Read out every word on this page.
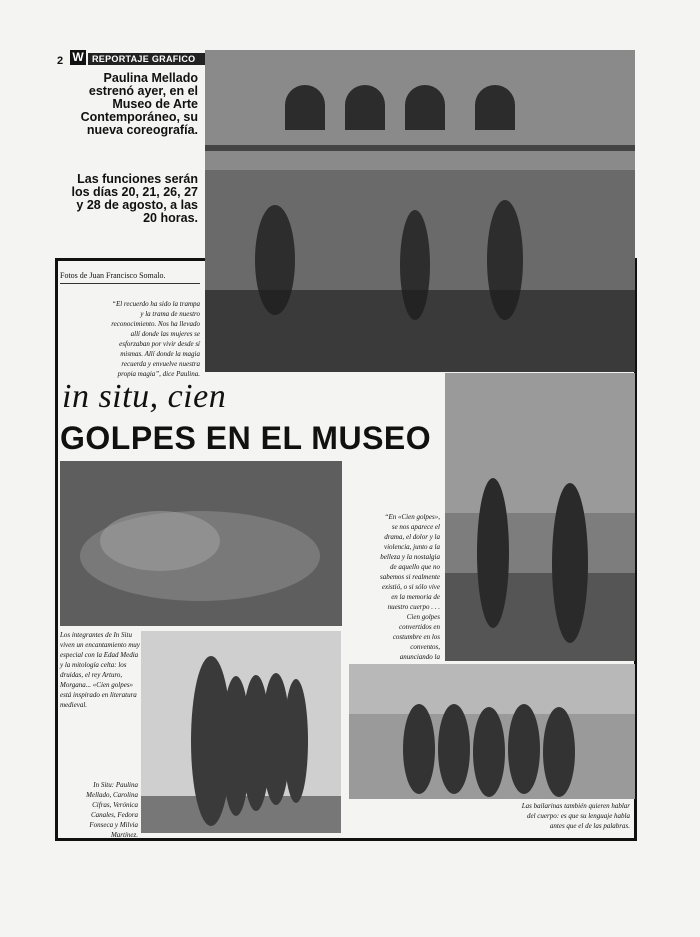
2 W REPORTAJE GRAFICO
Paulina Mellado estrenó ayer, en el Museo de Arte Contemporáneo, su nueva coreografía.
Las funciones serán los días 20, 21, 26, 27 y 28 de agosto, a las 20 horas.
Fotos de Juan Francisco Somalo.
“El recuerdo ha sido la trampa y la trama de nuestro reconocimiento. Nos ha llevado allí donde las mujeres se esforzaban por vivir desde sí mismas. Allí donde la magia recuerda y envuelve nuestra propia magia”, dice Paulina.
in situ, cien
GOLPES EN EL MUSEO
“En «Cien golpes», se nos aparece el drama, el dolor y la violencia, junto a la belleza y la nostalgia de aquello que no sabemos si realmente existió, o si sólo vive en la memoria de nuestro cuerpo . . . Cien golpes convertidos en costumbre en los conventos, anunciando la
Los integrantes de In Situ viven un encantamiento muy especial con la Edad Media y la mitología celta: los druidas, el rey Arturo, Morgana... «Cien golpes» está inspirado en literatura medieval.
In Situ: Paulina Mellado, Carolina Cifras, Verónica Canales, Fedora Fonseca y Milvia Martínez.
Las bailarinas también quieren hablar del cuerpo: es que su lenguaje habla antes que el de las palabras.
